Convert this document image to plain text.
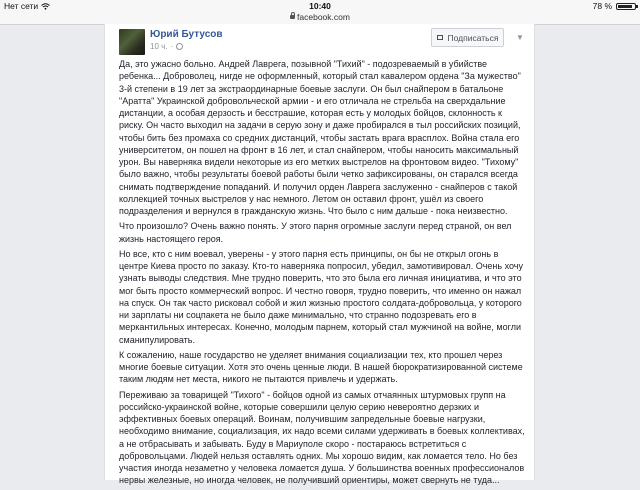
Нет сети	10:40	78 %
facebook.com
Юрий Бутусов
10 ч. ·
Подписаться ▼

Да, это ужасно больно. Андрей Лаврега, позывной "Тихий" - подозреваемый в убийстве ребенка... Доброволец, нигде не оформленный, который стал кавалером ордена "За мужество" 3-й степени в 19 лет за экстраординарные боевые заслуги. Он был снайпером в батальоне "Аратта" Украинской добровольческой армии - и его отличала не стрельба на сверхдальние дистанции, а особая дерзость и бесстрашие, которая есть у молодых бойцов, склонность к риску. Он часто выходил на задачи в серую зону и даже пробирался в тыл российских позиций, чтобы бить без промаха со средних дистанций, чтобы застать врага врасплох. Война стала его университетом, он пошел на фронт в 16 лет, и стал снайпером, чтобы наносить максимальный урон. Вы наверняка видели некоторые из его метких выстрелов на фронтовом видео. "Тихому" было важно, чтобы результаты боевой работы были четко зафиксированы, он старался всегда снимать подтверждение попаданий. И получил орден Лаврега заслуженно - снайперов с такой коллекцией точных выстрелов у нас немного. Летом он оставил фронт, ушёл из своего подразделения и вернулся в гражданскую жизнь. Что было с ним дальше - пока неизвестно.

Что произошло? Очень важно понять. У этого парня огромные заслуги перед страной, он вел жизнь настоящего героя.

Но все, кто с ним воевал, уверены - у этого парня есть принципы, он бы не открыл огонь в центре Киева просто по заказу. Кто-то наверняка попросил, убедил, замотивировал. Очень хочу узнать выводы следствия. Мне трудно поверить, что это была его личная инициатива, и что это мог быть просто коммерческий вопрос. И честно говоря, трудно поверить, что именно он нажал на спуск. Он так часто рисковал собой и жил жизнью простого солдата-добровольца, у которого ни зарплаты ни соцпакета не было даже минимально, что странно подозревать его в меркантильных интересах. Конечно, молодым парнем, который стал мужчиной на войне, могли сманипулировать.

К сожалению, наше государство не уделяет внимания социализации тех, кто прошел через многие боевые ситуации. Хотя это очень ценные люди. В нашей бюрократизированной системе таким людям нет места, никого не пытаются привлечь и удержать.

Переживаю за товарищей "Тихого" - бойцов одной из самых отчаянных штурмовых групп на российско-украинской войне, которые совершили целую серию невероятно дерзких и эффективных боевых операций. Воинам, получившим запредельные боевые нагрузки, необходимо внимание, социализация, их надо всеми силами удерживать в боевых коллективах, а не отбрасывать и забывать. Буду в Мариуполе скоро - постараюсь встретиться с добровольцами. Людей нельзя оставлять одних. Мы хорошо видим, как ломается тело. Но без участия иногда незаметно у человека ломается душа. У большинства военных профессионалов нервы железные, но иногда человек, не получивший ориентиры, может свернуть не туда...
